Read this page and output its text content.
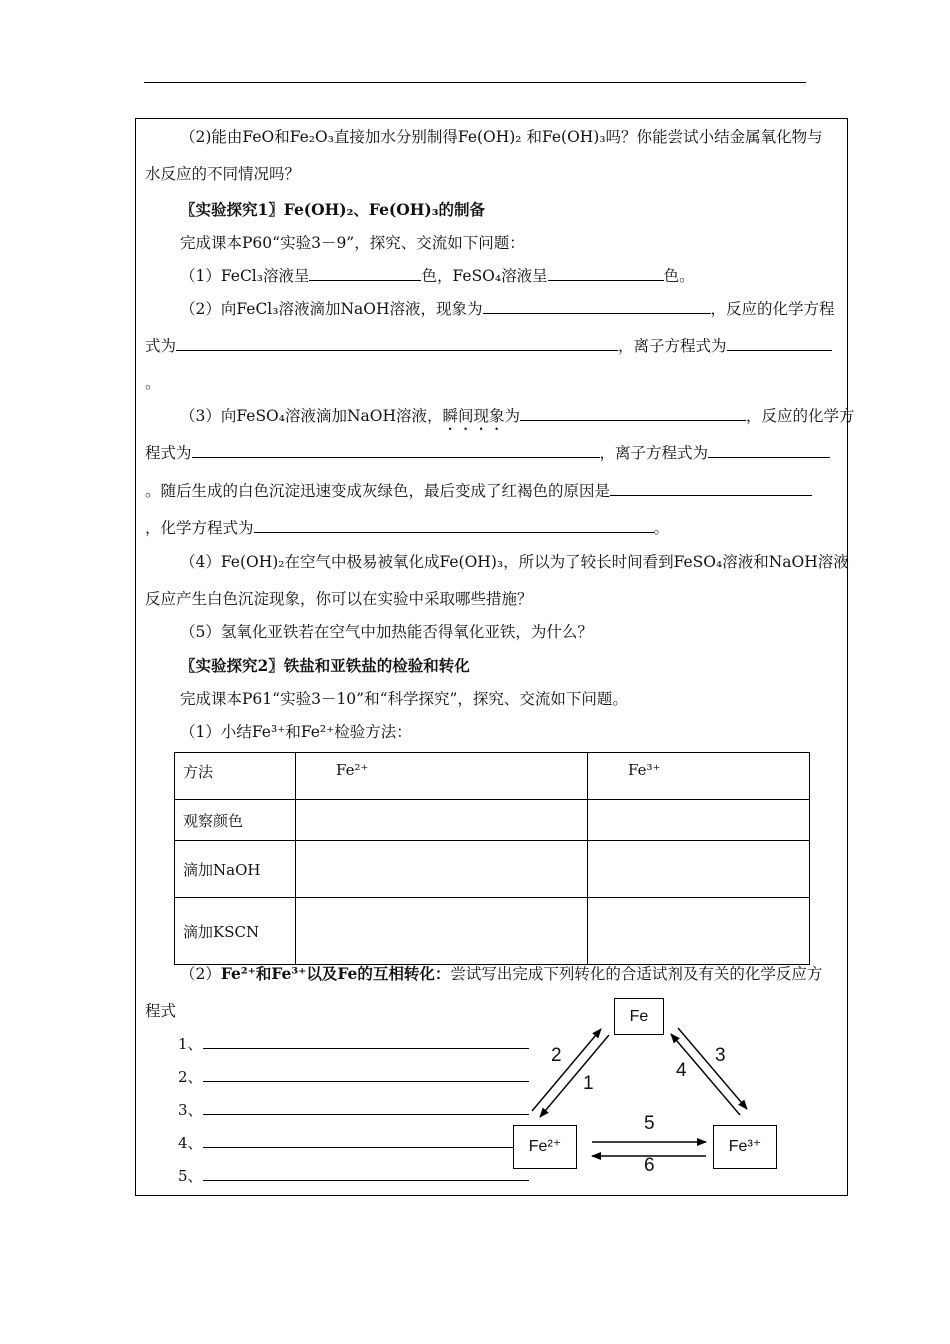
（2)能由FeO和Fe₂O₃直接加水分别制得Fe(OH)₂ 和Fe(OH)₃吗？你能尝试小结金属氧化物与
水反应的不同情况吗？
〖实验探究1〗Fe(OH)₂、Fe(OH)₃的制备
完成课本P60“实验3－9”，探究、交流如下问题：
（1）FeCl₃溶液呈	色，FeSO₄溶液呈	色。
（2）向FeCl₃溶液滴加NaOH溶液，现象为	，反应的化学方程
式为	，离子方程式为
。
（3）向FeSO₄溶液滴加NaOH溶液，瞬间现象为	，反应的化学方
程式为	，离子方程式为
。随后生成的白色沉淀迅速变成灰绿色，最后变成了红褐色的原因是
，化学方程式为	。
（4）Fe(OH)₂在空气中极易被氧化成Fe(OH)₃，所以为了较长时间看到FeSO₄溶液和NaOH溶液
反应产生白色沉淀现象，你可以在实验中采取哪些措施？
（5）氢氧化亚铁若在空气中加热能否得氧化亚铁，为什么？
〖实验探究2〗铁盐和亚铁盐的检验和转化
完成课本P61“实验3－10”和“科学探究”，探究、交流如下问题。
（1）小结Fe³⁺和Fe²⁺检验方法：
方法	Fe²⁺	Fe³⁺
观察颜色		
滴加NaOH		
滴加KSCN		
（2）Fe²⁺和Fe³⁺以及Fe的互相转化：尝试写出完成下列转化的合适试剂及有关的化学反应方
程式
1、
2、
3、
4、
5、
Fe
Fe²⁺	Fe³⁺
1
2	3
4
5
6
